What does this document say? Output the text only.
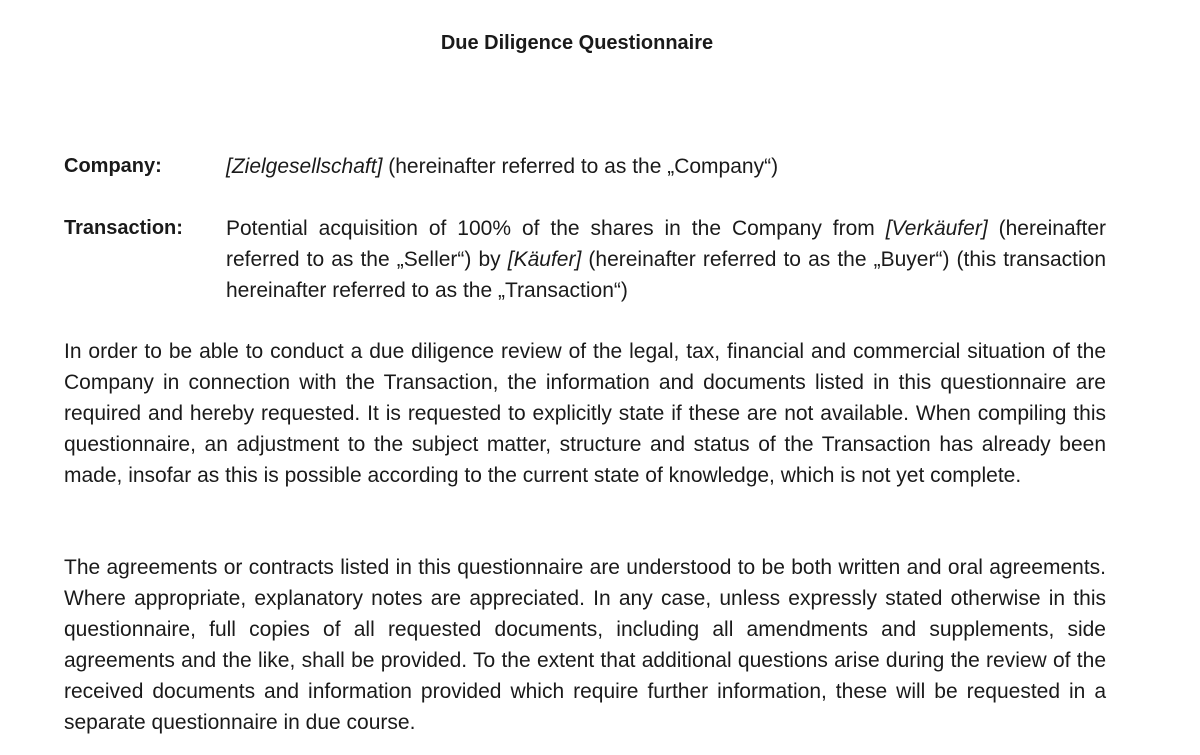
Due Diligence Questionnaire
Company:	[Zielgesellschaft] (hereinafter referred to as the „Company“)
Transaction: Potential acquisition of 100% of the shares in the Company from [Verkäufer] (hereinafter referred to as the „Seller“) by [Käufer] (hereinafter referred to as the „Buyer“) (this transaction hereinafter referred to as the „Transaction“)

In order to be able to conduct a due diligence review of the legal, tax, financial and commercial situation of the Company in connection with the Transaction, the information and documents listed in this questionnaire are required and hereby requested. It is requested to explicitly state if these are not available. When compiling this questionnaire, an adjustment to the subject matter, structure and status of the Transaction has already been made, insofar as this is possible according to the current state of knowledge, which is not yet complete.

The agreements or contracts listed in this questionnaire are understood to be both written and oral agreements. Where appropriate, explanatory notes are appreciated. In any case, unless expressly stated otherwise in this questionnaire, full copies of all requested documents, including all amendments and supplements, side agreements and the like, shall be provided. To the extent that additional questions arise during the review of the received documents and information provided which require further information, these will be requested in a separate questionnaire in due course.
